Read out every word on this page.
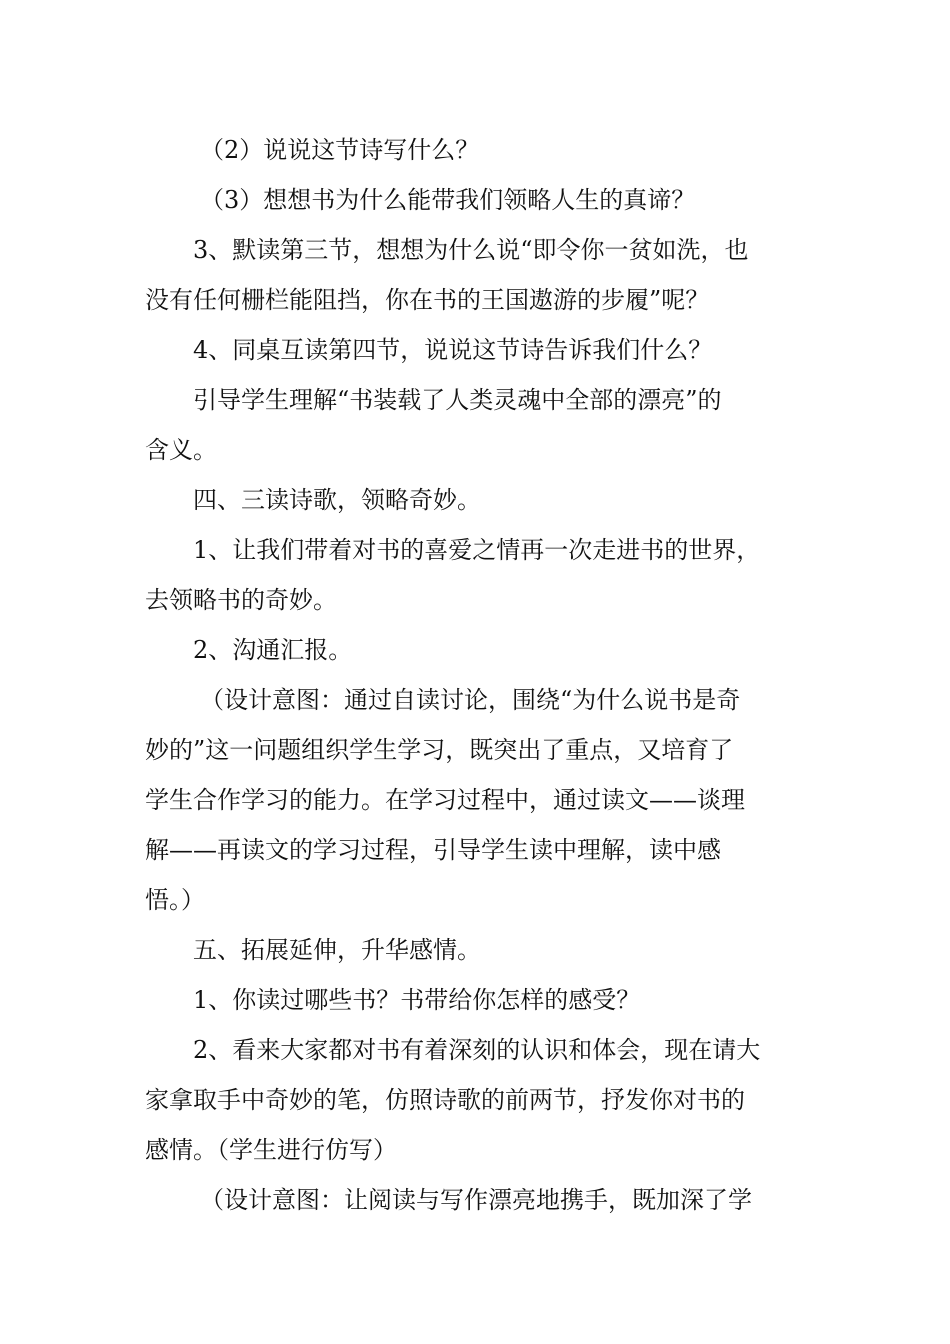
（2）说说这节诗写什么？
（3）想想书为什么能带我们领略人生的真谛？
3、默读第三节，想想为什么说“即令你一贫如洗，也
没有任何栅栏能阻挡，你在书的王国遨游的步履”呢？
4、同桌互读第四节，说说这节诗告诉我们什么？
引导学生理解“书装载了人类灵魂中全部的漂亮”的
含义。
四、三读诗歌，领略奇妙。
1、让我们带着对书的喜爱之情再一次走进书的世界，
去领略书的奇妙。
2、沟通汇报。
（设计意图：通过自读讨论，围绕“为什么说书是奇
妙的”这一问题组织学生学习，既突出了重点，又培育了
学生合作学习的能力。在学习过程中，通过读文——谈理
解——再读文的学习过程，引导学生读中理解，读中感
悟。）
五、拓展延伸，升华感情。
1、你读过哪些书？书带给你怎样的感受？
2、看来大家都对书有着深刻的认识和体会，现在请大
家拿取手中奇妙的笔，仿照诗歌的前两节，抒发你对书的
感情。（学生进行仿写）
（设计意图：让阅读与写作漂亮地携手，既加深了学
